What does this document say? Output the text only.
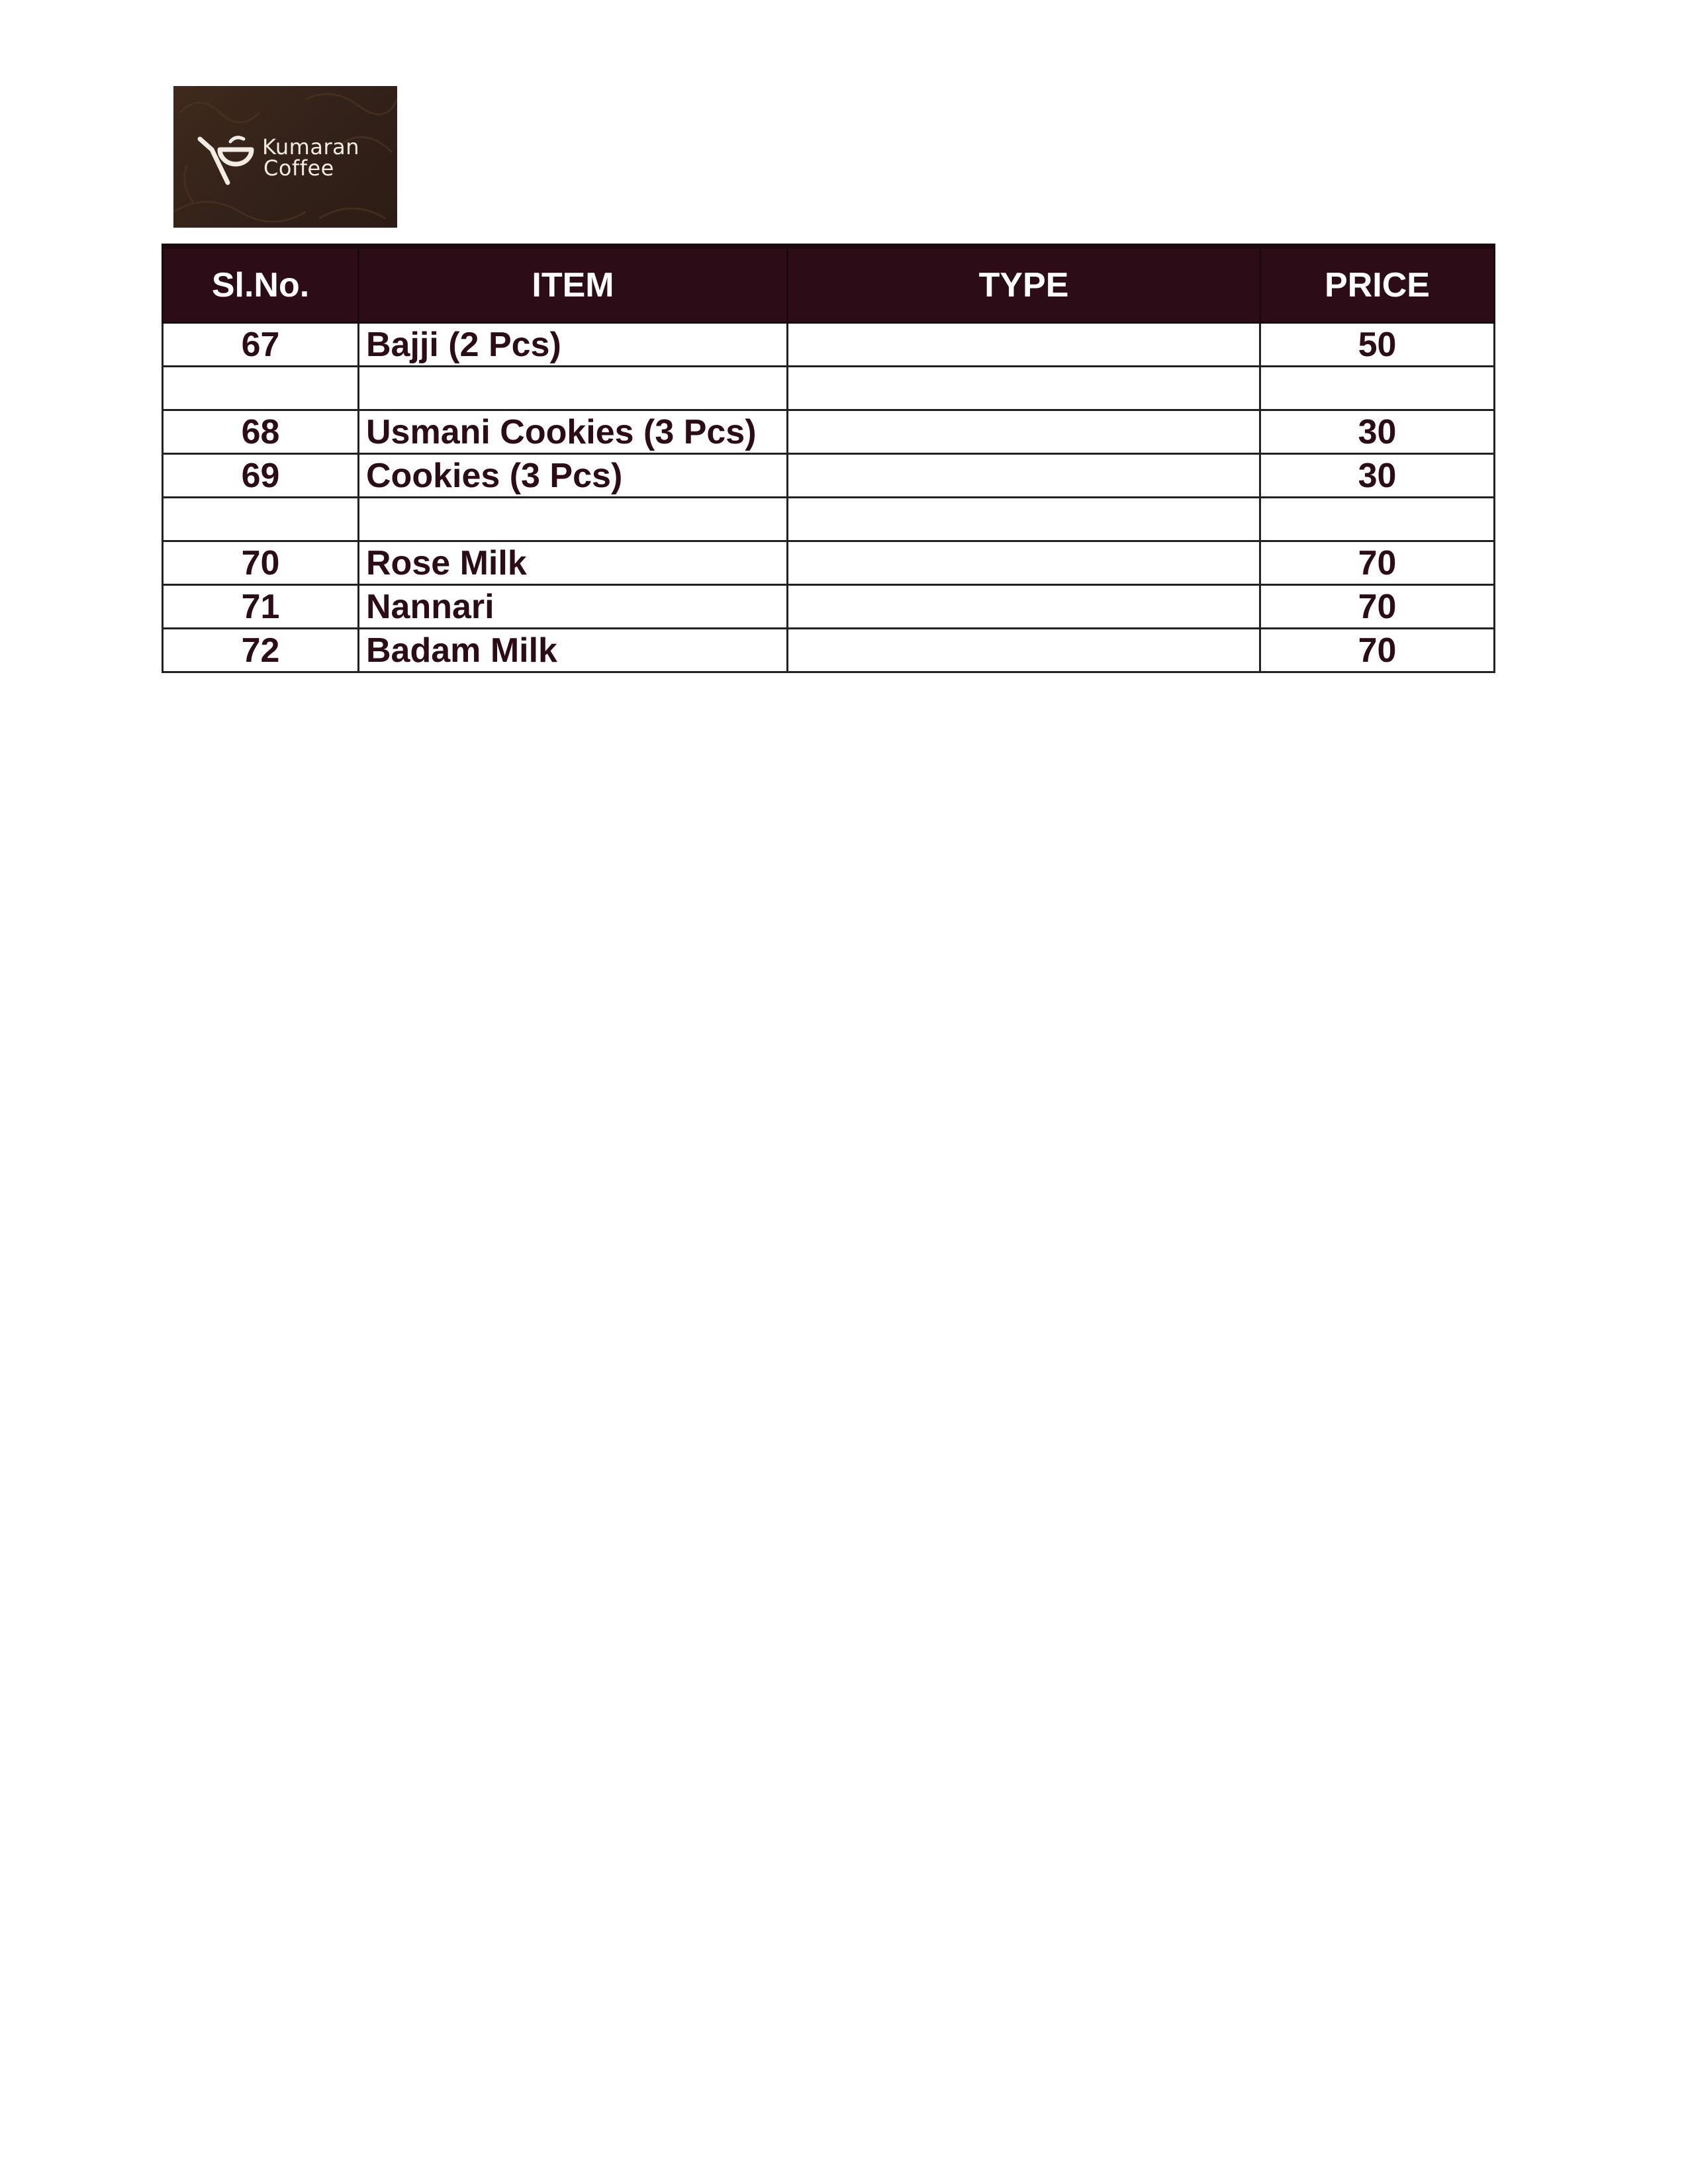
Kumaran
Coffee
Sl.No.	ITEM	TYPE	PRICE
67	Bajji (2 Pcs)		50

68	Usmani Cookies (3 Pcs)		30
69	Cookies (3 Pcs)		30

70	Rose Milk		70
71	Nannari		70
72	Badam Milk		70
